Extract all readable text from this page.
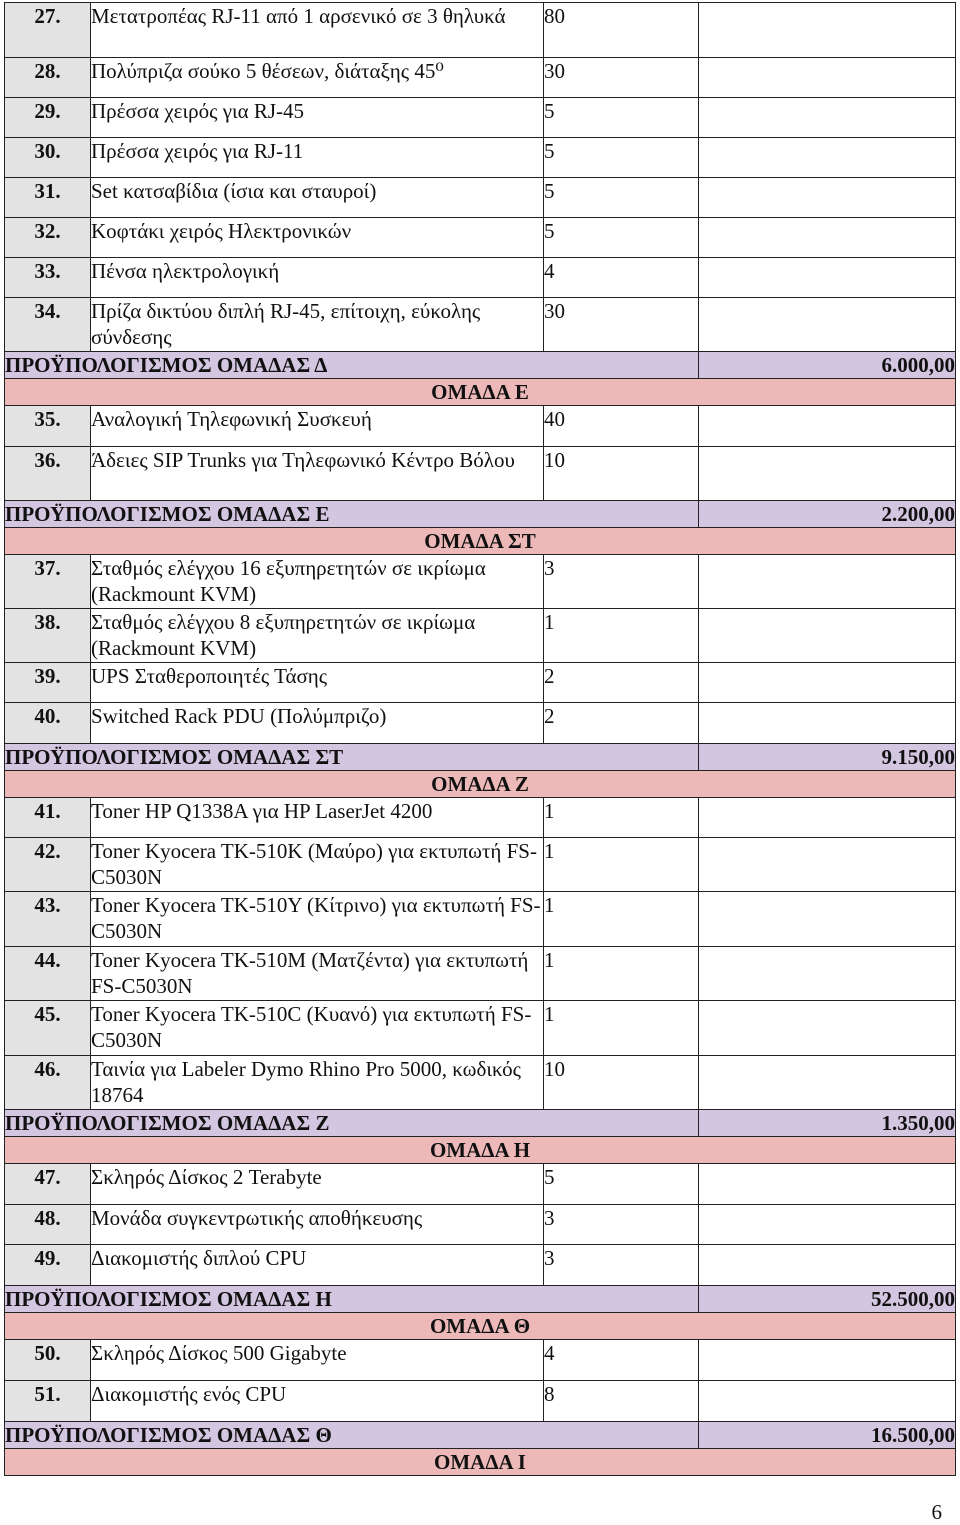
27.	Μετατροπέας RJ-11 από 1 αρσενικό σε 3 θηλυκά	80	
28.	Πολύπριζα σούκο 5 θέσεων, διάταξης 45⁰	30	
29.	Πρέσσα χειρός για RJ-45	5	
30.	Πρέσσα χειρός για RJ-11	5	
31.	Set κατσαβίδια (ίσια και σταυροί)	5	
32.	Κοφτάκι χειρός Ηλεκτρονικών	5	
33.	Πένσα ηλεκτρολογική	4	
34.	Πρίζα δικτύου διπλή RJ-45, επίτοιχη, εύκολης σύνδεσης	30	
ΠΡΟΫΠΟΛΟΓΙΣΜΟΣ ΟΜΑΔΑΣ Δ			6.000,00
ΟΜΑΔΑ Ε			
35.	Αναλογική Τηλεφωνική Συσκευή	40	
36.	Άδειες SIP Trunks για Τηλεφωνικό Κέντρο Βόλου	10	
ΠΡΟΫΠΟΛΟΓΙΣΜΟΣ ΟΜΑΔΑΣ Ε			2.200,00
ΟΜΑΔΑ ΣΤ			
37.	Σταθμός ελέγχου 16 εξυπηρετητών σε ικρίωμα (Rackmount KVM)	3	
38.	Σταθμός ελέγχου 8 εξυπηρετητών σε ικρίωμα (Rackmount KVM)	1	
39.	UPS Σταθεροποιητές Τάσης	2	
40.	Switched Rack PDU (Πολύμπριζο)	2	
ΠΡΟΫΠΟΛΟΓΙΣΜΟΣ ΟΜΑΔΑΣ ΣΤ			9.150,00
ΟΜΑΔΑ Ζ			
41.	Toner HP Q1338A για HP LaserJet 4200	1	
42.	Toner Kyocera TK-510K (Μαύρο) για εκτυπωτή FS-C5030N	1	
43.	Toner Kyocera TK-510Y (Κίτρινο) για εκτυπωτή FS-C5030N	1	
44.	Toner Kyocera TK-510M (Ματζέντα) για εκτυπωτή FS-C5030N	1	
45.	Toner Kyocera TK-510C (Κυανό) για εκτυπωτή FS-C5030N	1	
46.	Ταινία για Labeler Dymo Rhino Pro 5000, κωδικός 18764	10	
ΠΡΟΫΠΟΛΟΓΙΣΜΟΣ ΟΜΑΔΑΣ Ζ			1.350,00
ΟΜΑΔΑ Η			
47.	Σκληρός Δίσκος 2 Terabyte	5	
48.	Μονάδα συγκεντρωτικής αποθήκευσης	3	
49.	Διακομιστής διπλού CPU	3	
ΠΡΟΫΠΟΛΟΓΙΣΜΟΣ ΟΜΑΔΑΣ Η			52.500,00
ΟΜΑΔΑ Θ			
50.	Σκληρός Δίσκος 500 Gigabyte	4	
51.	Διακομιστής ενός CPU	8	
ΠΡΟΫΠΟΛΟΓΙΣΜΟΣ ΟΜΑΔΑΣ Θ			16.500,00
ΟΜΑΔΑ Ι			
6
